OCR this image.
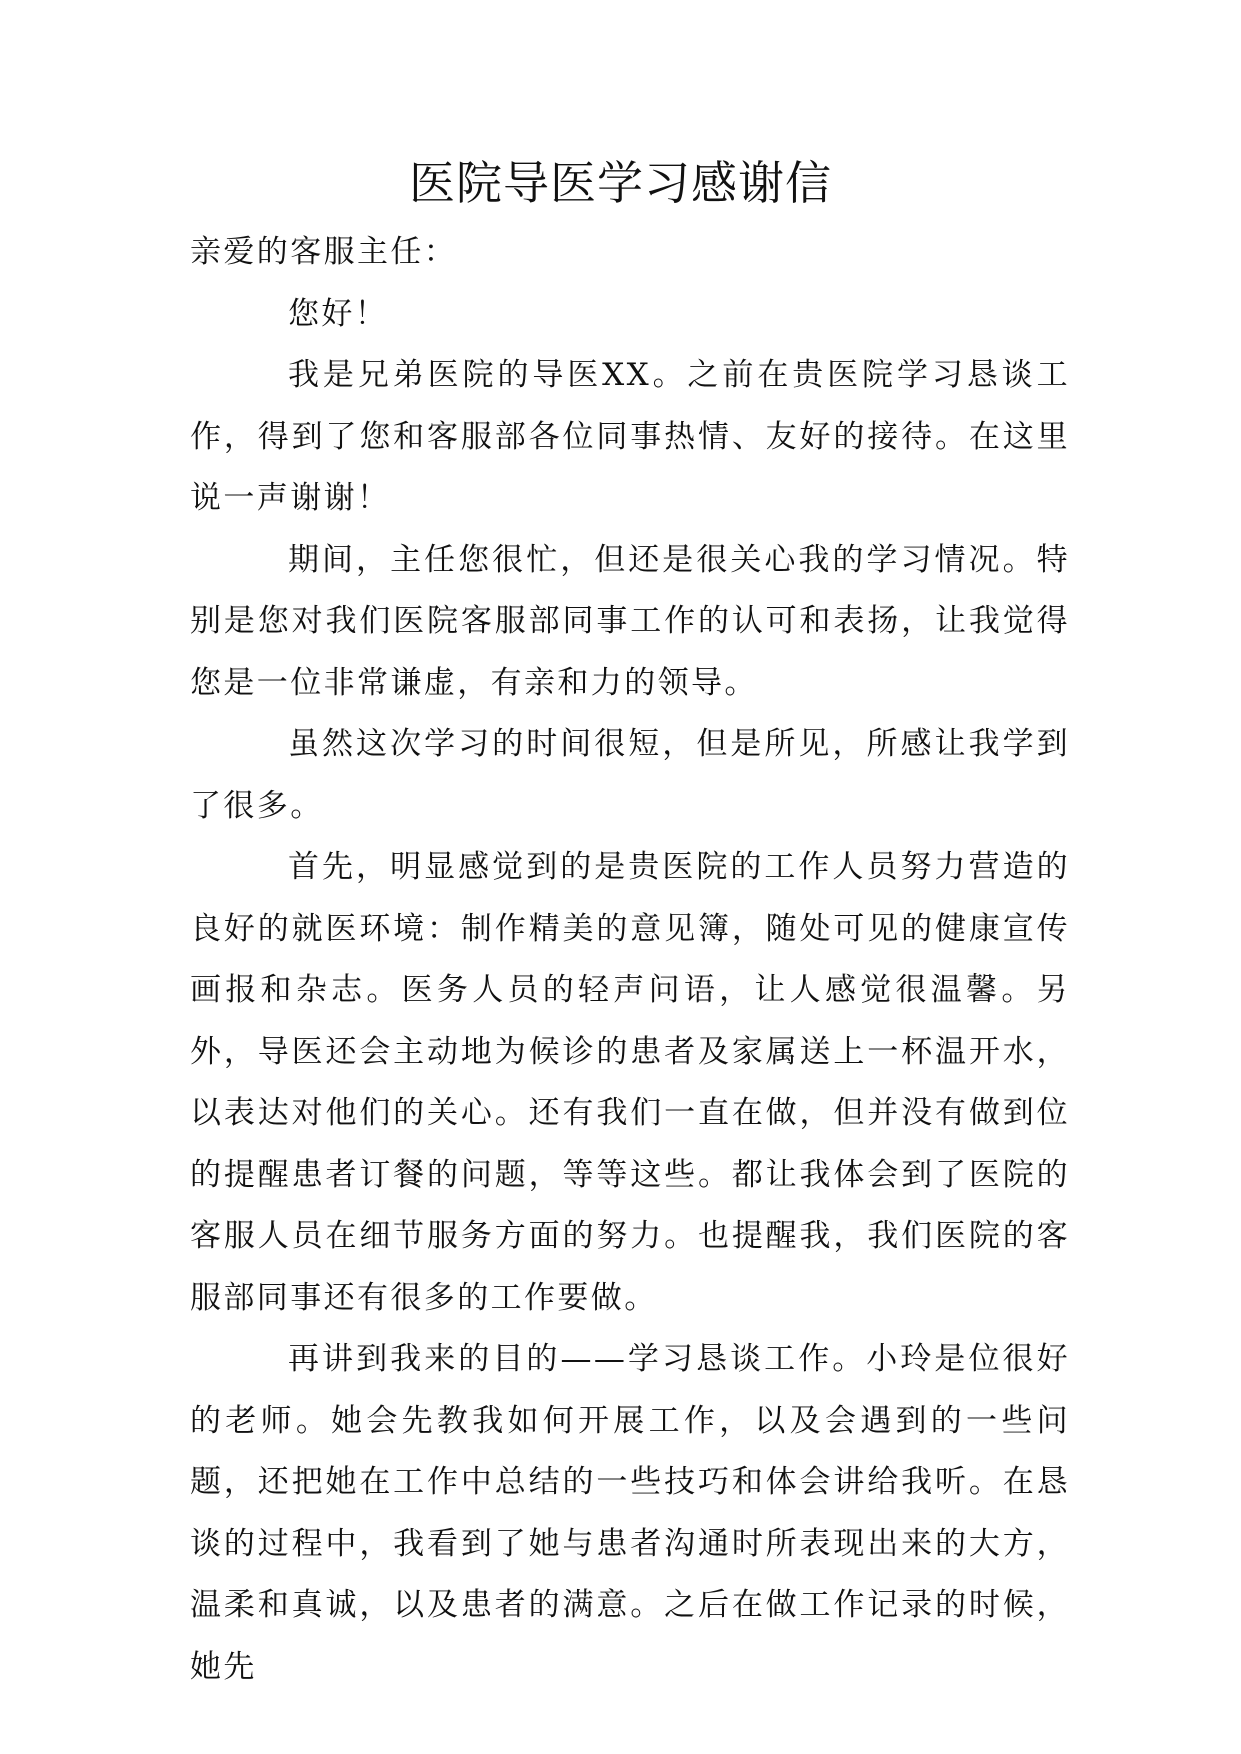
医院导医学习感谢信

亲爱的客服主任：

您好！

我是兄弟医院的导医XX。之前在贵医院学习恳谈工作，得到了您和客服部各位同事热情、友好的接待。在这里说一声谢谢！

期间，主任您很忙，但还是很关心我的学习情况。特别是您对我们医院客服部同事工作的认可和表扬，让我觉得您是一位非常谦虚，有亲和力的领导。

虽然这次学习的时间很短，但是所见，所感让我学到了很多。

首先，明显感觉到的是贵医院的工作人员努力营造的良好的就医环境：制作精美的意见簿，随处可见的健康宣传画报和杂志。医务人员的轻声问语，让人感觉很温馨。另外，导医还会主动地为候诊的患者及家属送上一杯温开水，以表达对他们的关心。还有我们一直在做，但并没有做到位的提醒患者订餐的问题，等等这些。都让我体会到了医院的客服人员在细节服务方面的努力。也提醒我，我们医院的客服部同事还有很多的工作要做。

再讲到我来的目的——学习恳谈工作。小玲是位很好的老师。她会先教我如何开展工作，以及会遇到的一些问题，还把她在工作中总结的一些技巧和体会讲给我听。在恳谈的过程中，我看到了她与患者沟通时所表现出来的大方，温柔和真诚，以及患者的满意。之后在做工作记录的时候，她先
